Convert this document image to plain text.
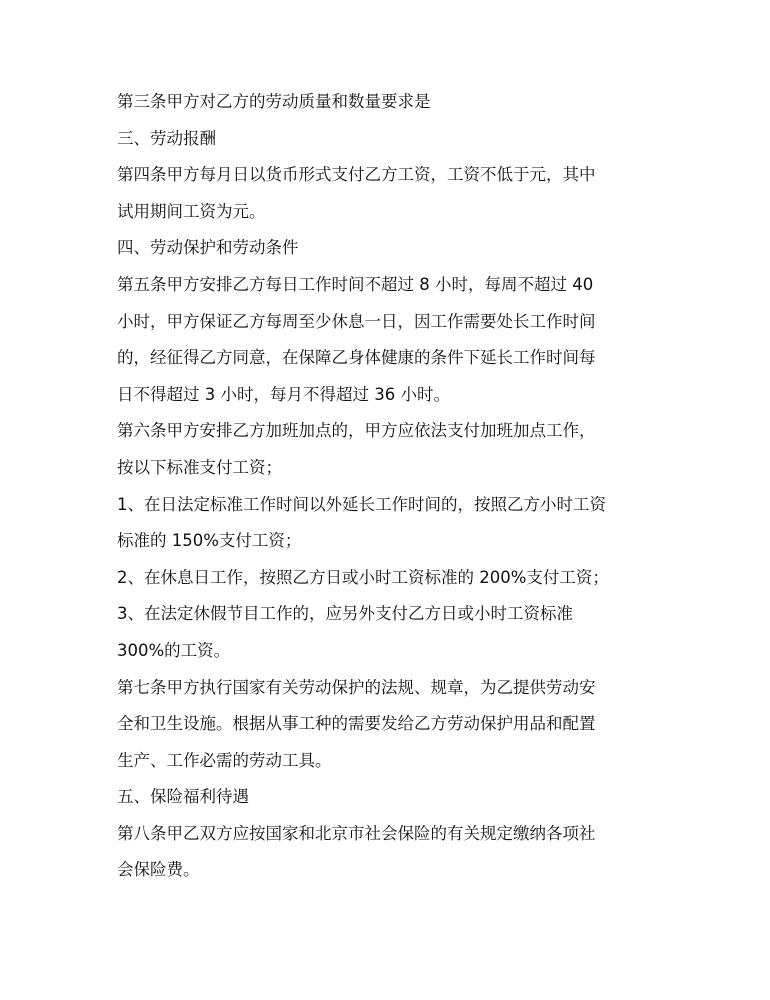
第三条甲方对乙方的劳动质量和数量要求是
三、劳动报酬
第四条甲方每月日以货币形式支付乙方工资，工资不低于元，其中
试用期间工资为元。
四、劳动保护和劳动条件
第五条甲方安排乙方每日工作时间不超过 8 小时，每周不超过 40
小时，甲方保证乙方每周至少休息一日，因工作需要处长工作时间
的，经征得乙方同意，在保障乙身体健康的条件下延长工作时间每
日不得超过 3 小时，每月不得超过 36 小时。
第六条甲方安排乙方加班加点的，甲方应依法支付加班加点工作，
按以下标准支付工资；
1、在日法定标准工作时间以外延长工作时间的，按照乙方小时工资
标准的 150%支付工资；
2、在休息日工作，按照乙方日或小时工资标准的 200%支付工资；
3、在法定休假节目工作的，应另外支付乙方日或小时工资标准
300%的工资。
第七条甲方执行国家有关劳动保护的法规、规章，为乙提供劳动安
全和卫生设施。根据从事工种的需要发给乙方劳动保护用品和配置
生产、工作必需的劳动工具。
五、保险福利待遇
第八条甲乙双方应按国家和北京市社会保险的有关规定缴纳各项社
会保险费。
